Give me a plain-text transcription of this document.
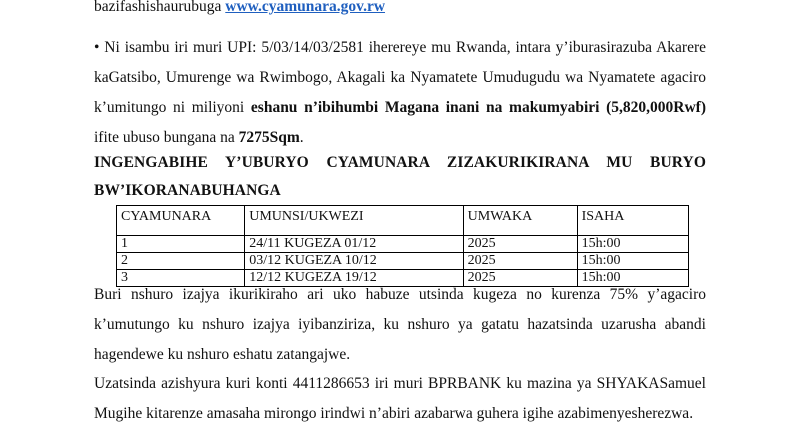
bazifashishaurubuga www.cyamunara.gov.rw

• Ni isambu iri muri UPI: 5/03/14/03/2581 iherereye mu Rwanda, intara y’iburasirazuba Akarere kaGatsibo, Umurenge wa Rwimbogo, Akagali ka Nyamatete Umudugudu wa Nyamatete agaciro k’umitungo ni miliyoni eshanu n’ibihumbi Magana inani na makumyabiri (5,820,000Rwf) ifite ubuso bungana na 7275Sqm.

INGENGABIHE Y’UBURYO CYAMUNARA ZIZAKURIKIRANA MU BURYO BW’IKORANABUHANGA

CYAMUNARA	UMUNSI/UKWEZI	UMWAKA	ISAHA
1	24/11 KUGEZA 01/12	2025	15h:00
2	03/12 KUGEZA 10/12	2025	15h:00
3	12/12 KUGEZA 19/12	2025	15h:00

Buri nshuro izajya ikurikiraho ari uko habuze utsinda kugeza no kurenza 75% y’agaciro k’umutungo ku nshuro izajya iyibanziriza, ku nshuro ya gatatu hazatsinda uzarusha abandi hagendewe ku nshuro eshatu zatangajwe.

Uzatsinda azishyura kuri konti 4411286653 iri muri BPRBANK ku mazina ya SHYAKASamuel Mugihe kitarenze amasaha mirongo irindwi n’abiri azabarwa guhera igihe azabimenyesherezwa.
